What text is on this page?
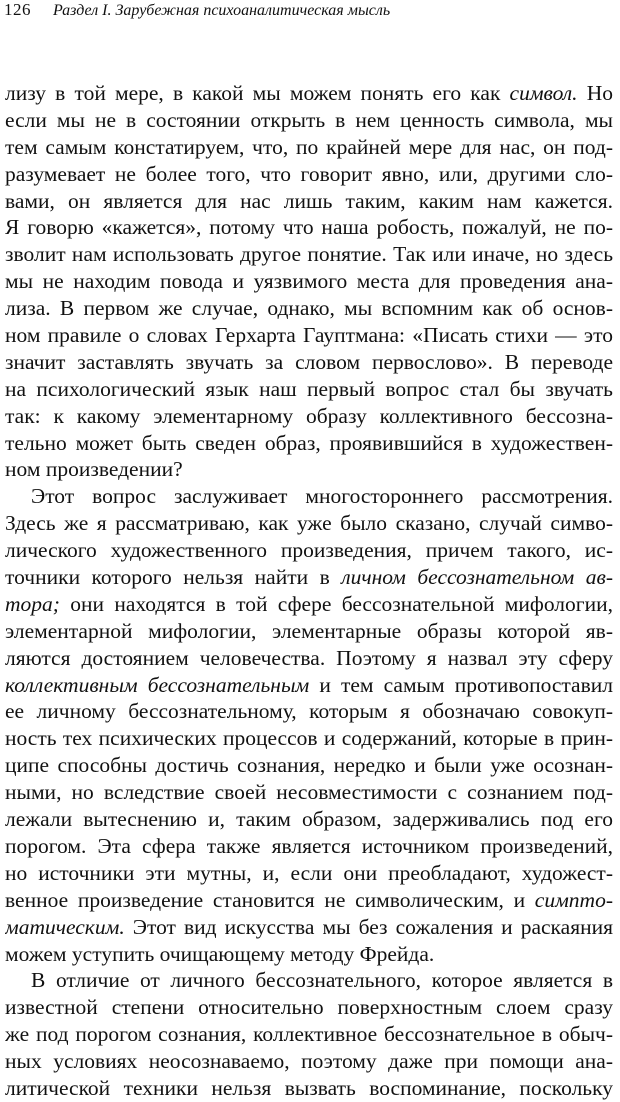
126 Раздел I. Зарубежная психоаналитическая мысль
лизу в той мере, в какой мы можем понять его как символ. Но
если мы не в состоянии открыть в нем ценность символа, мы
тем самым констатируем, что, по крайней мере для нас, он под-
разумевает не более того, что говорит явно, или, другими сло-
вами, он является для нас лишь таким, каким нам кажется.
Я говорю «кажется», потому что наша робость, пожалуй, не по-
зволит нам использовать другое понятие. Так или иначе, но здесь
мы не находим повода и уязвимого места для проведения ана-
лиза. В первом же случае, однако, мы вспомним как об основ-
ном правиле о словах Герхарта Гауптмана: «Писать стихи — это
значит заставлять звучать за словом первослово». В переводе
на психологический язык наш первый вопрос стал бы звучать
так: к какому элементарному образу коллективного бессозна-
тельно может быть сведен образ, проявившийся в художествен-
ном произведении?
Этот вопрос заслуживает многостороннего рассмотрения.
Здесь же я рассматриваю, как уже было сказано, случай симво-
лического художественного произведения, причем такого, ис-
точники которого нельзя найти в личном бессознательном ав-
тора; они находятся в той сфере бессознательной мифологии,
элементарной мифологии, элементарные образы которой яв-
ляются достоянием человечества. Поэтому я назвал эту сферу
коллективным бессознательным и тем самым противопоставил
ее личному бессознательному, которым я обозначаю совокуп-
ность тех психических процессов и содержаний, которые в прин-
ципе способны достичь сознания, нередко и были уже осознан-
ными, но вследствие своей несовместимости с сознанием под-
лежали вытеснению и, таким образом, задерживались под его
порогом. Эта сфера также является источником произведений,
но источники эти мутны, и, если они преобладают, художест-
венное произведение становится не символическим, и симпто-
матическим. Этот вид искусства мы без сожаления и раскаяния
можем уступить очищающему методу Фрейда.
В отличие от личного бессознательного, которое является в
известной степени относительно поверхностным слоем сразу
же под порогом сознания, коллективное бессознательное в обыч-
ных условиях неосознаваемо, поэтому даже при помощи ана-
литической техники нельзя вызвать воспоминание, поскольку
